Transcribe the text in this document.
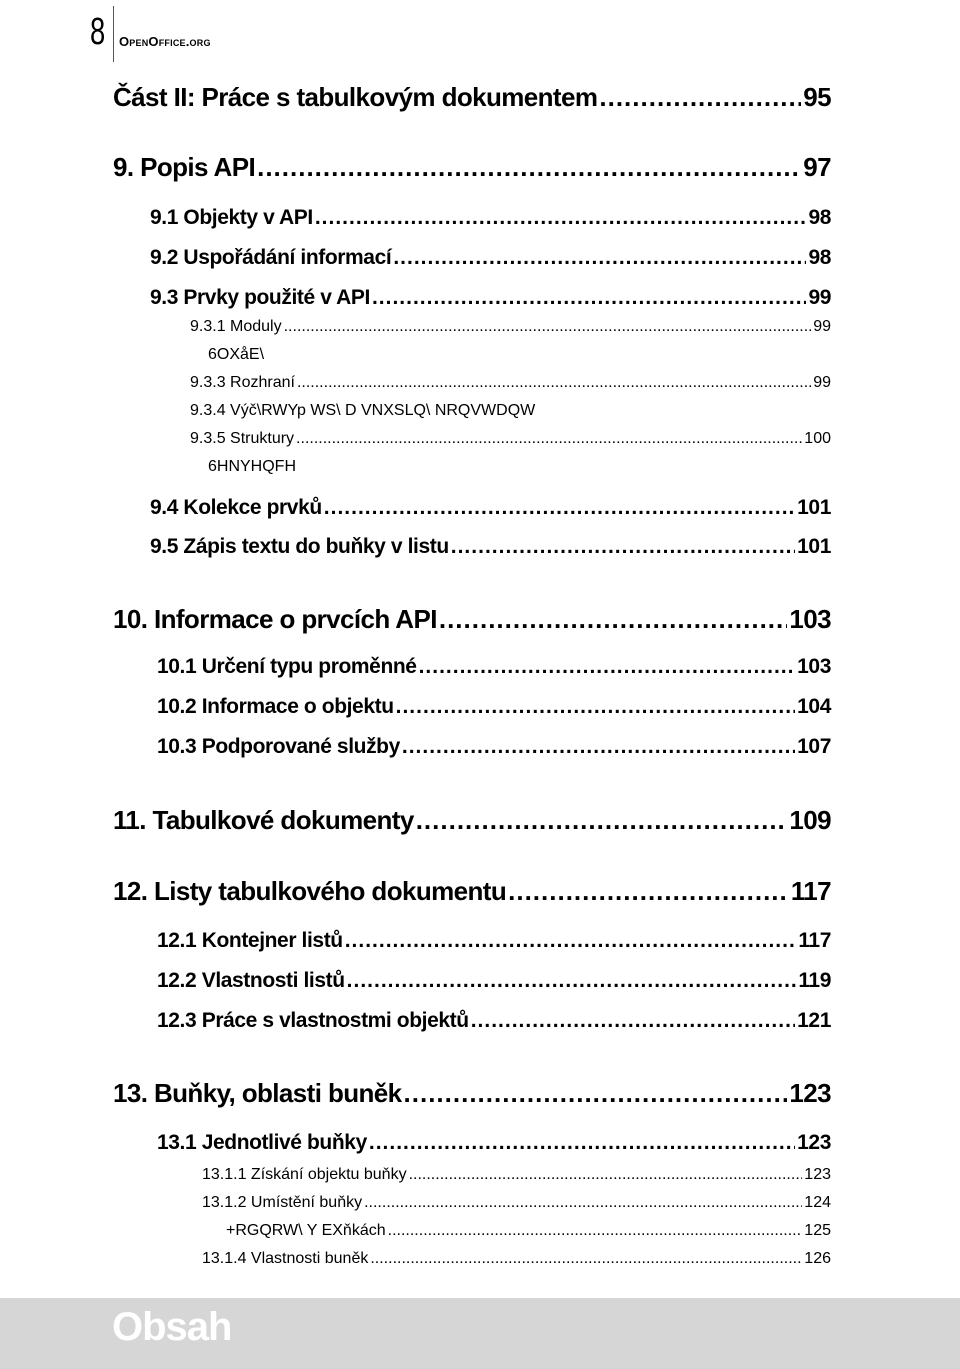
8 OpenOffice.org
Část II: Práce s tabulkovým dokumentem .....	95
9. Popis API .....	97
9.1 Objekty v API .....	98
9.2 Uspořádání informací .....	98
9.3 Prvky použité v API .....	99
9.3.1 Moduly .....	99
6OXåE\
9.3.3 Rozhraní .....	99
9.3.4 Výč\RWYp WS\ D VNXSLQ\ NRQVWDQW
9.3.5 Struktury .....	100
6HNYHQFH
9.4 Kolekce prvků .....	101
9.5 Zápis textu do buňky v listu .....	101
10. Informace o prvcích API .....	103
10.1 Určení typu proměnné .....	103
10.2 Informace o objektu .....	104
10.3 Podporované služby .....	107
11. Tabulkové dokumenty .....	109
12. Listy tabulkového dokumentu .....	117
12.1 Kontejner listů .....	117
12.2 Vlastnosti listů .....	119
12.3 Práce s vlastnostmi objektů .....	121
13. Buňky, oblasti buněk .....	123
13.1 Jednotlivé buňky .....	123
13.1.1 Získání objektu buňky .....	123
13.1.2 Umístění buňky .....	124
+RGQRW\ Y EXňkách .....	125
13.1.4 Vlastnosti buněk .....	126
Obsah
